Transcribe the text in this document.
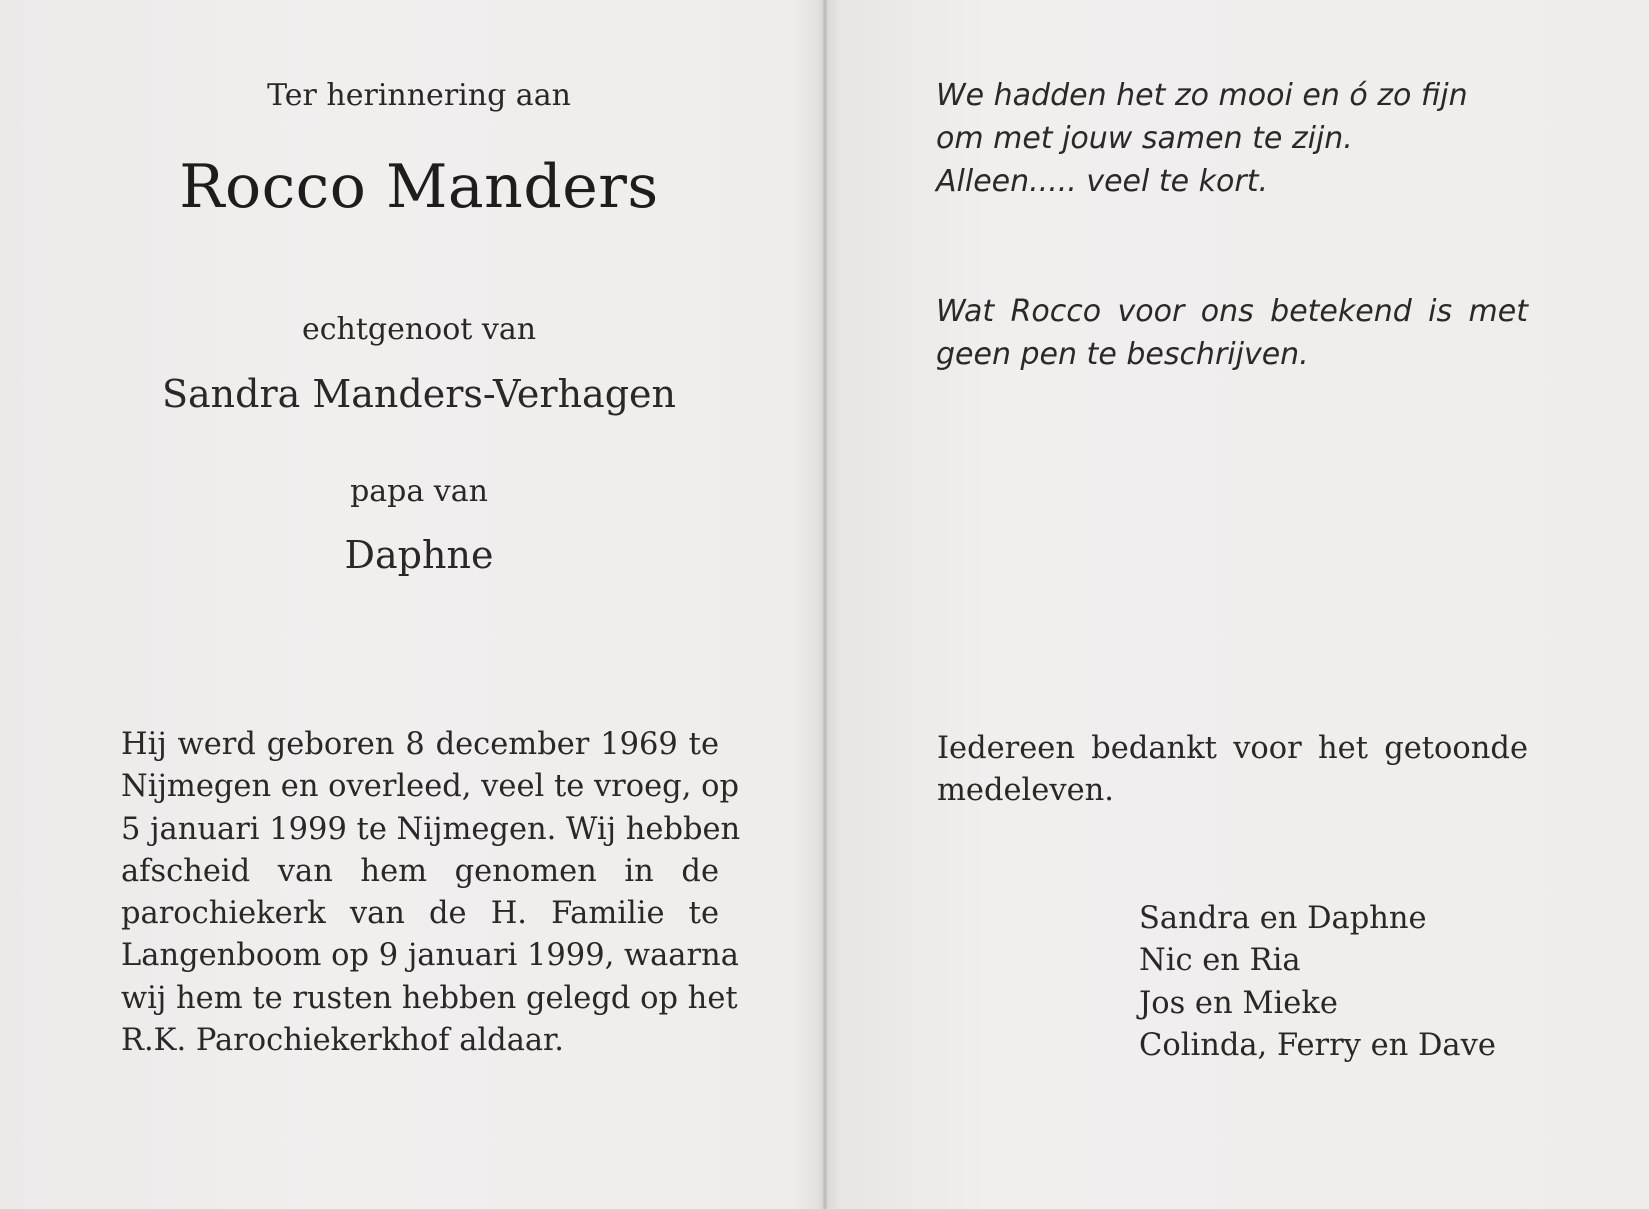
Ter herinnering aan
Rocco Manders
echtgenoot van
Sandra Manders-Verhagen
papa van
Daphne
Hij werd geboren 8 december 1969 te
Nijmegen en overleed, veel te vroeg, op
5 januari 1999 te Nijmegen. Wij hebben
afscheid van hem genomen in de
parochiekerk van de H. Familie te
Langenboom op 9 januari 1999, waarna
wij hem te rusten hebben gelegd op het
R.K. Parochiekerkhof aldaar.
We hadden het zo mooi en ó zo fijn
om met jouw samen te zijn.
Alleen..... veel te kort.
Wat Rocco voor ons betekend is met
geen pen te beschrijven.
Iedereen bedankt voor het getoonde
medeleven.
Sandra en Daphne
Nic en Ria
Jos en Mieke
Colinda, Ferry en Dave
